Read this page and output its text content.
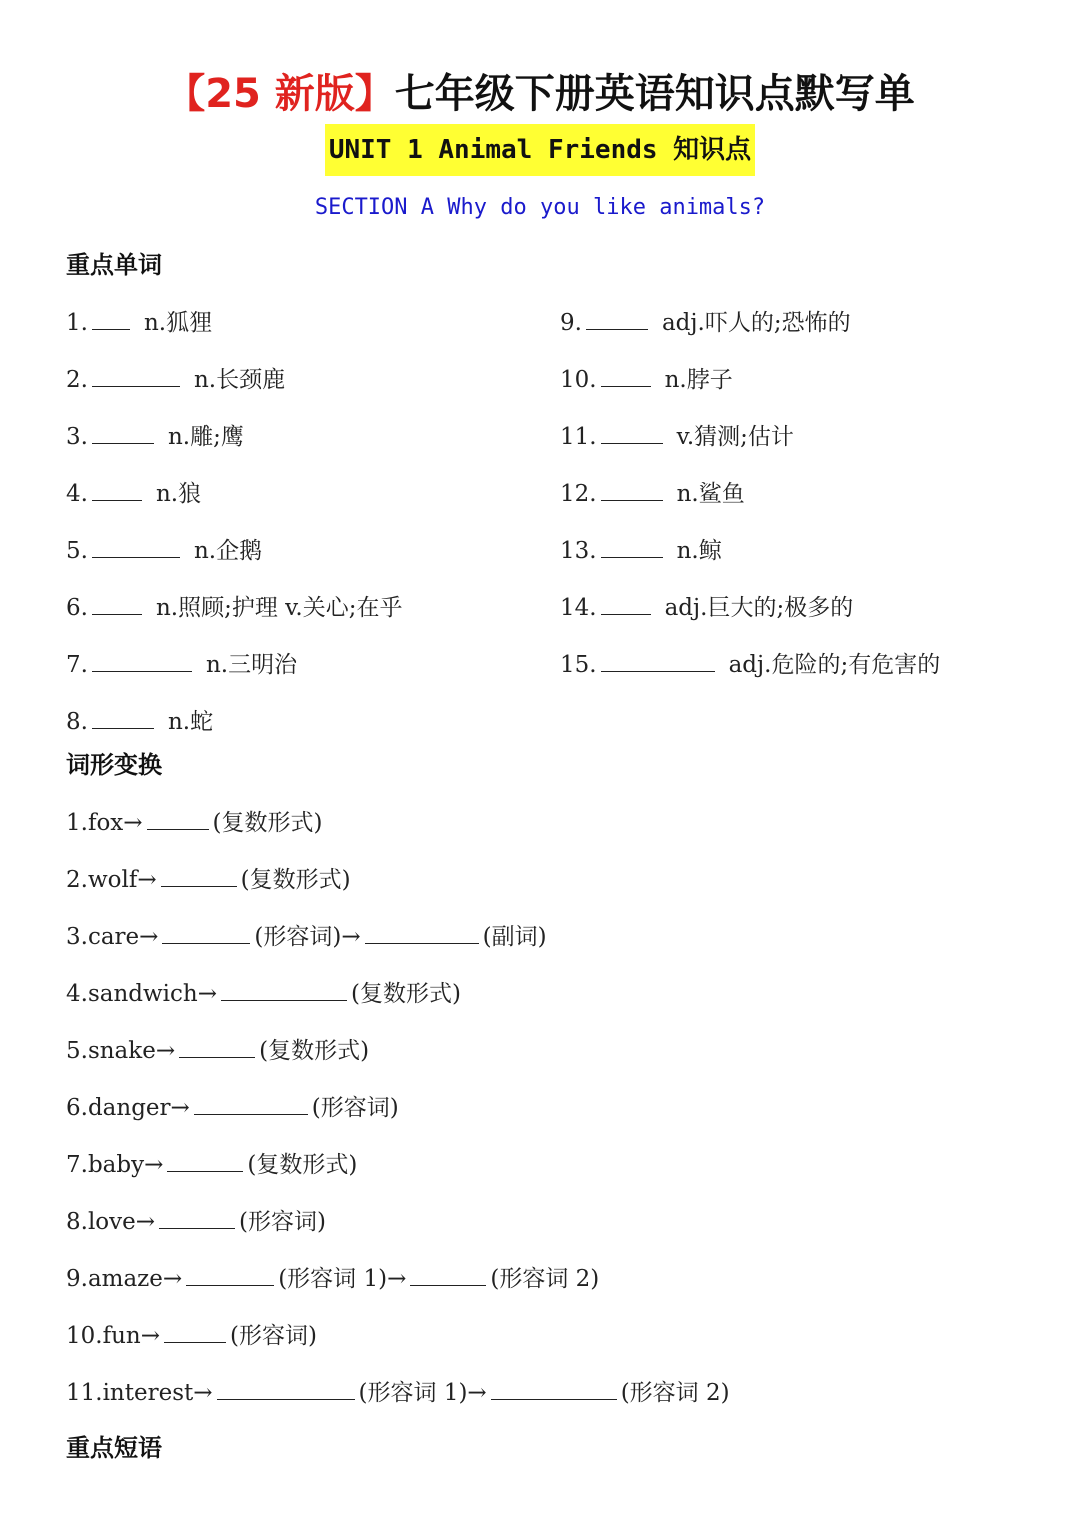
【25 新版】七年级下册英语知识点默写单
UNIT 1 Animal Friends 知识点
SECTION A Why do you like animals?
重点单词
1. n.狐狸
2.	n.长颈鹿
3.	n.雕;鹰
4.	n.狼
5.	n.企鹅
6.	n.照顾;护理 v.关心;在乎
7.	n.三明治
8.	n.蛇
9.	adj.吓人的;恐怖的
10.	n.脖子
11.	v.猜测;估计
12.	n.鲨鱼
13.	n.鲸
14.	adj.巨大的;极多的
15.	adj.危险的;有危害的
词形变换
1.fox→	(复数形式)
2.wolf→	(复数形式)
3.care→	(形容词)→	(副词)
4.sandwich→	(复数形式)
5.snake→	(复数形式)
6.danger→	(形容词)
7.baby→	(复数形式)
8.love→	(形容词)
9.amaze→	(形容词 1)→	(形容词 2)
10.fun→	(形容词)
11.interest→	(形容词 1)→	(形容词 2)
重点短语
